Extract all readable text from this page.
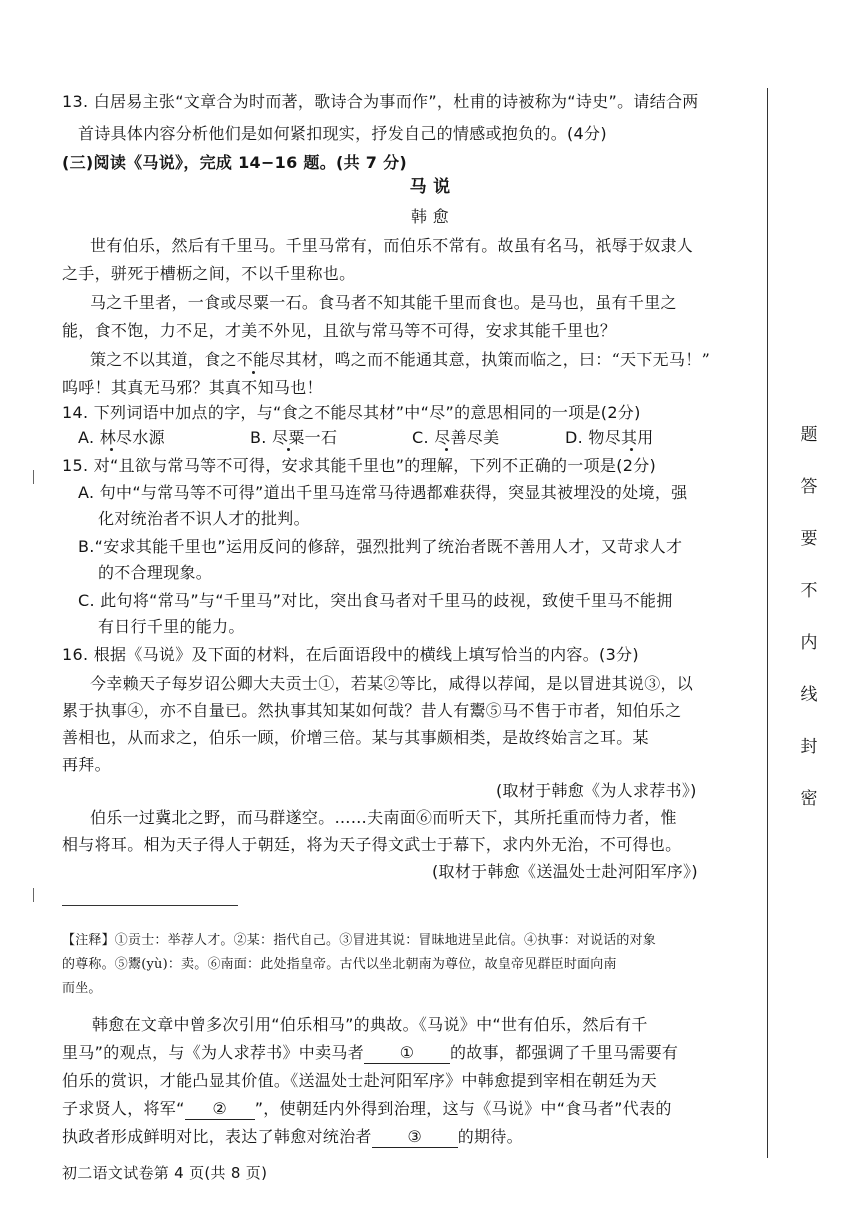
13. 白居易主张“文章合为时而著，歌诗合为事而作”，杜甫的诗被称为“诗史”。请结合两
首诗具体内容分析他们是如何紧扣现实，抒发自己的情感或抱负的。(4分)
(三)阅读《马说》，完成 14−16 题。(共 7 分)
马 说
韩 愈
世有伯乐，然后有千里马。千里马常有，而伯乐不常有。故虽有名马，祇辱于奴隶人
之手，骈死于槽枥之间，不以千里称也。
马之千里者，一食或尽粟一石。食马者不知其能千里而食也。是马也，虽有千里之
能，食不饱，力不足，才美不外见，且欲与常马等不可得，安求其能千里也？
策之不以其道，食之不能尽其材，鸣之而不能通其意，执策而临之，曰：“天下无马！”
呜呼！其真无马邪？其真不知马也！
14. 下列词语中加点的字，与“食之不能尽其材”中“尽”的意思相同的一项是(2分)
A. 林尽水源	B. 尽粟一石	C. 尽善尽美	D. 物尽其用
15. 对“且欲与常马等不可得，安求其能千里也”的理解，下列不正确的一项是(2分)
A. 句中“与常马等不可得”道出千里马连常马待遇都难获得，突显其被埋没的处境，强
化对统治者不识人才的批判。
B.“安求其能千里也”运用反问的修辞，强烈批判了统治者既不善用人才，又苛求人才
的不合理现象。
C. 此句将“常马”与“千里马”对比，突出食马者对千里马的歧视，致使千里马不能拥
有日行千里的能力。
16. 根据《马说》及下面的材料，在后面语段中的横线上填写恰当的内容。(3分)
今幸赖天子每岁诏公卿大夫贡士①，若某②等比，咸得以荐闻，是以冒进其说③，以
累于执事④，亦不自量已。然执事其知某如何哉？昔人有鬻⑤马不售于市者，知伯乐之
善相也，从而求之，伯乐一顾，价增三倍。某与其事颇相类，是故终始言之耳。某
再拜。
(取材于韩愈《为人求荐书》)
伯乐一过冀北之野，而马群遂空。……夫南面⑥而听天下，其所托重而恃力者，惟
相与将耳。相为天子得人于朝廷，将为天子得文武士于幕下，求内外无治，不可得也。
(取材于韩愈《送温处士赴河阳军序》)
【注释】①贡士：举荐人才。②某：指代自己。③冒进其说：冒昧地进呈此信。④执事：对说话的对象
的尊称。⑤鬻(yù)：卖。⑥南面：此处指皇帝。古代以坐北朝南为尊位，故皇帝见群臣时面向南
而坐。
韩愈在文章中曾多次引用“伯乐相马”的典故。《马说》中“世有伯乐，然后有千
里马”的观点，与《为人求荐书》中卖马者 ① 的故事，都强调了千里马需要有
伯乐的赏识，才能凸显其价值。《送温处士赴河阳军序》中韩愈提到宰相在朝廷为天
子求贤人，将军“ ② ”，使朝廷内外得到治理，这与《马说》中“食马者”代表的
执政者形成鲜明对比，表达了韩愈对统治者 ③ 的期待。
初二语文试卷第 4 页(共 8 页)
题
答
要
不
内
线
封
密
